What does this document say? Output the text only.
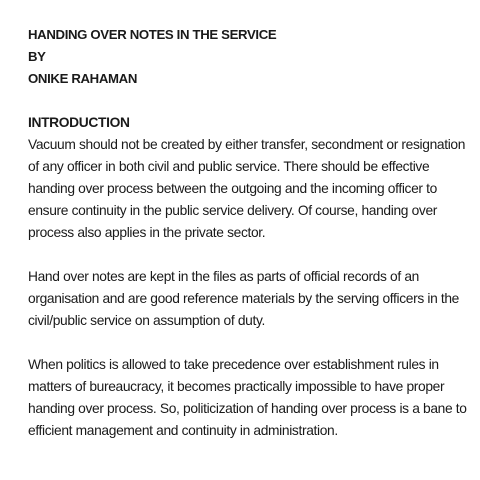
HANDING OVER NOTES IN THE SERVICE
BY
ONIKE RAHAMAN
INTRODUCTION
Vacuum should not be created by either transfer, secondment or resignation
of any officer in both civil and public service. There should be effective
handing over process between the outgoing and the incoming officer to
ensure continuity in the public service delivery. Of course, handing over
process also applies in the private sector.
Hand over notes are kept in the files as parts of official records of an
organisation and are good reference materials by the serving officers in the
civil/public service on assumption of duty.
When politics is allowed to take precedence over establishment rules in
matters of bureaucracy, it becomes practically impossible to have proper
handing over process. So, politicization of handing over process is a bane to
efficient management and continuity in administration.
